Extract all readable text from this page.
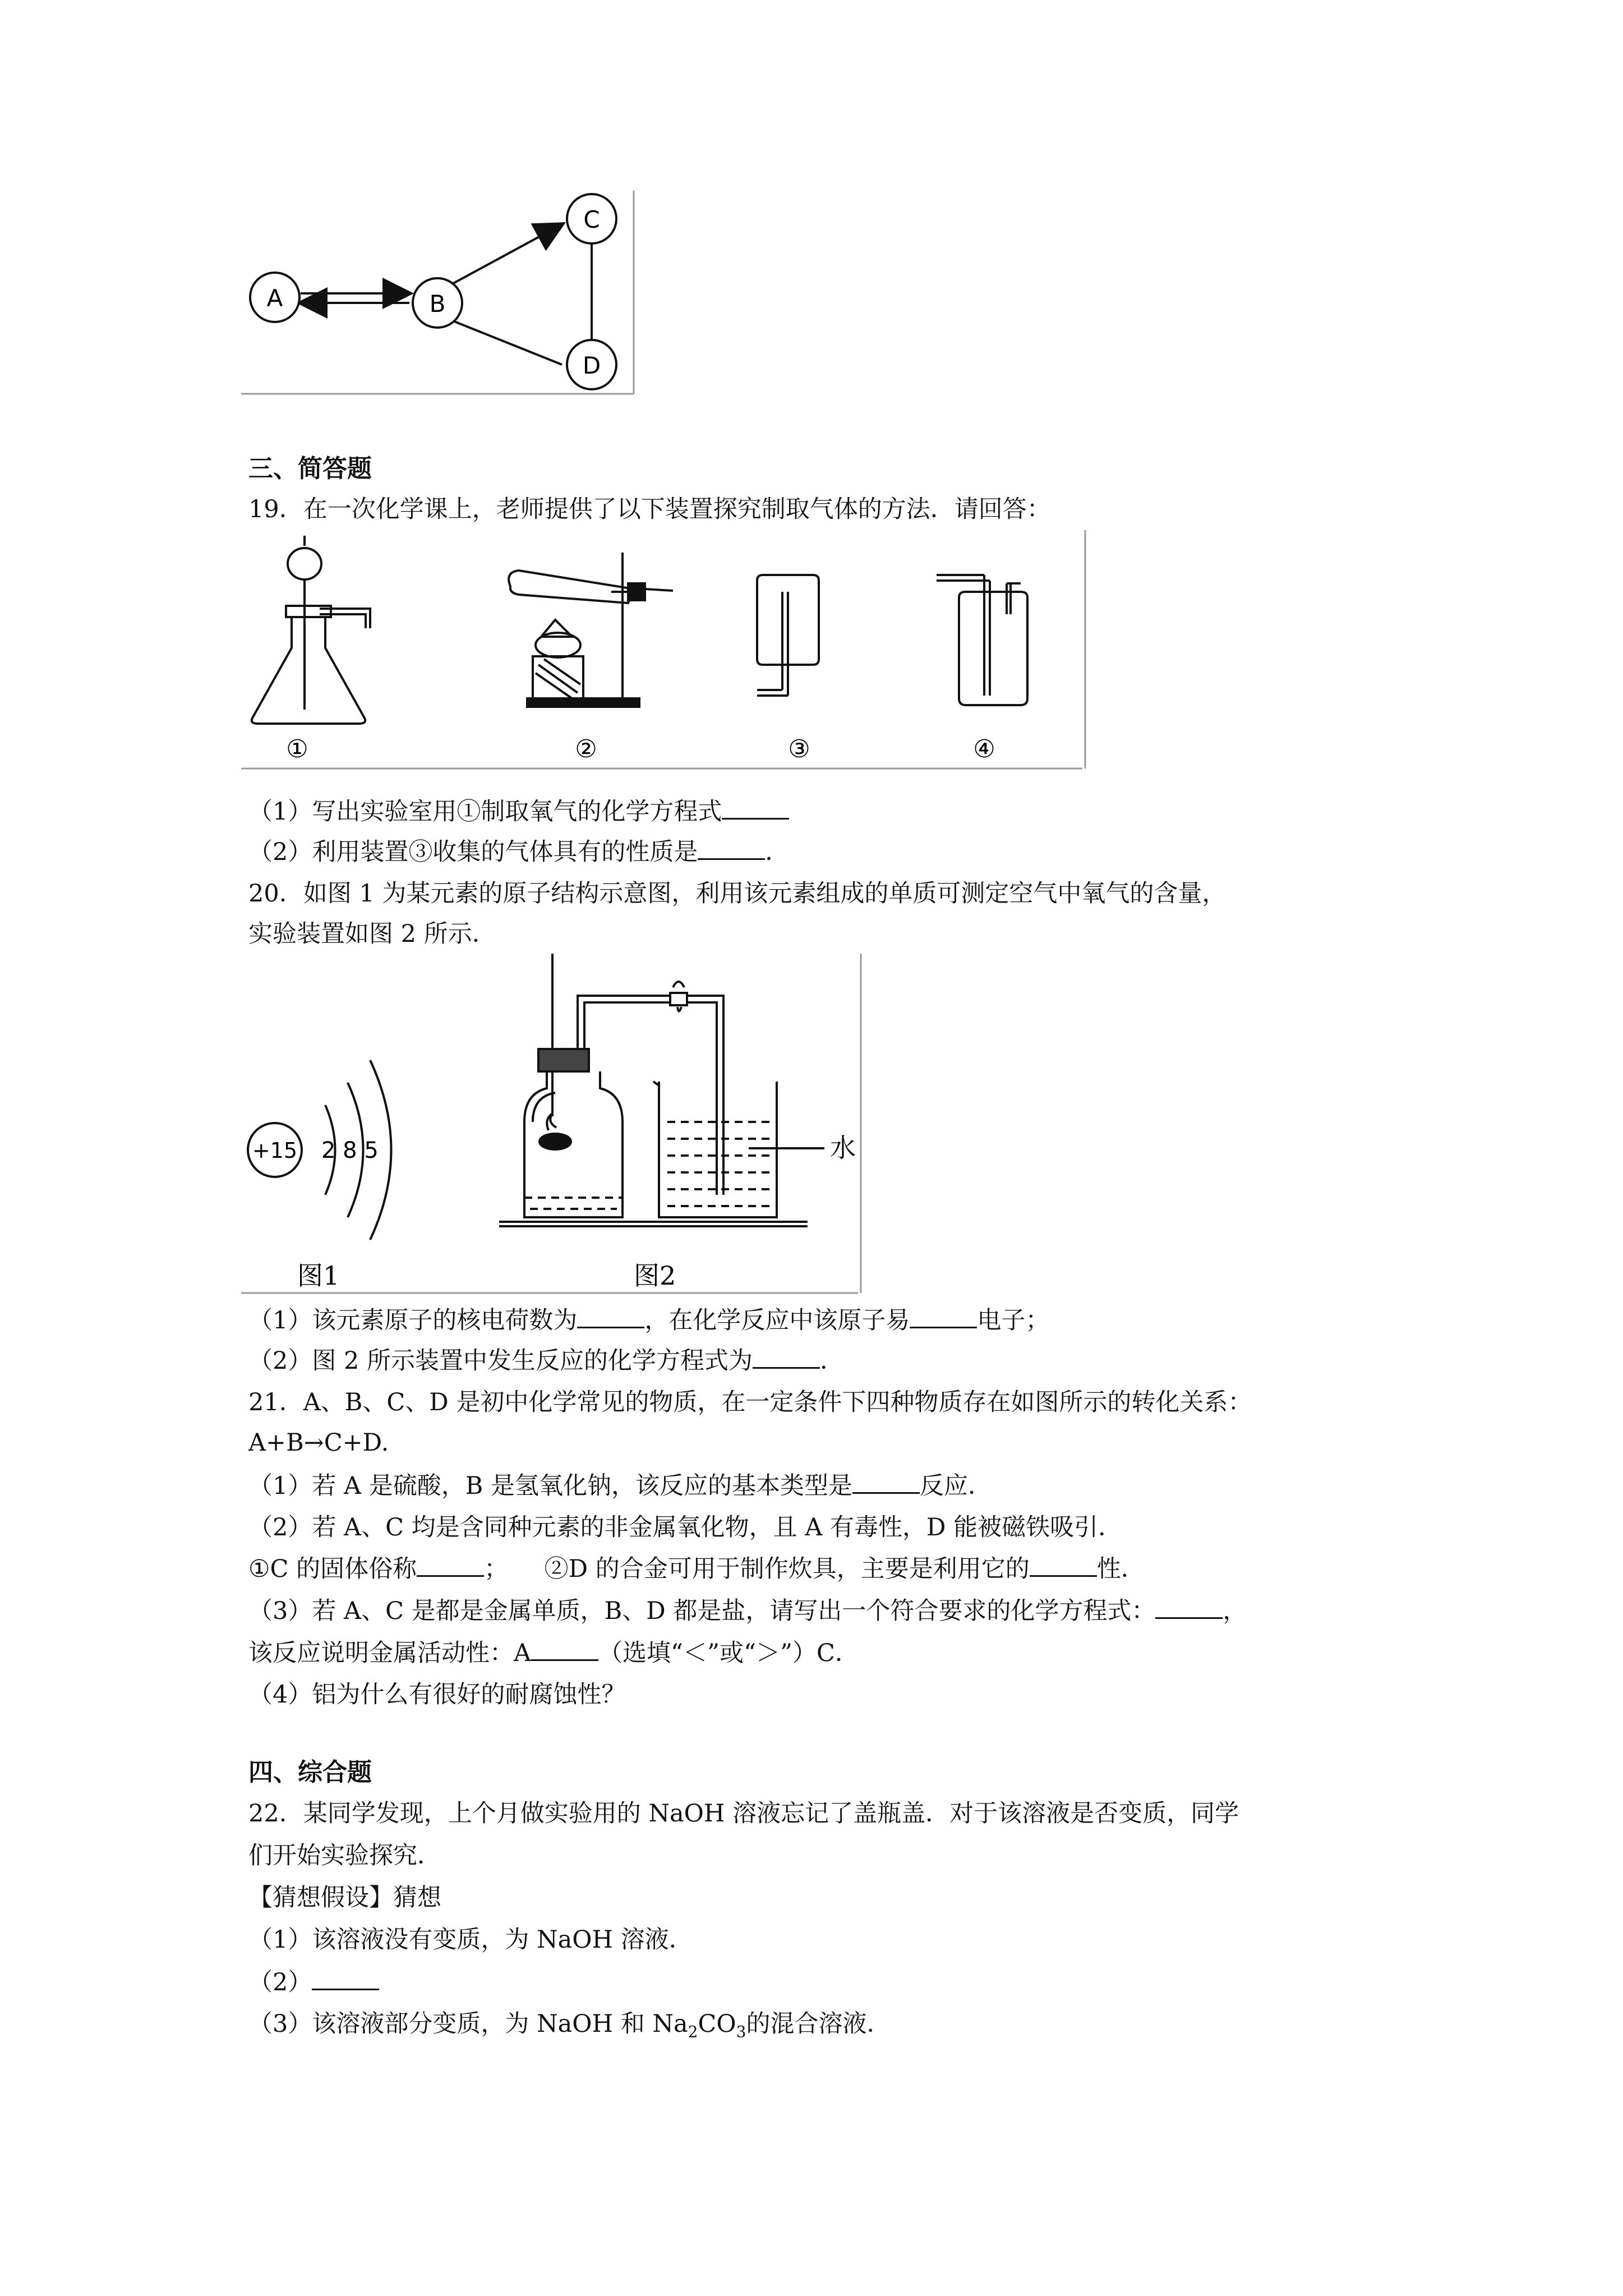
A	B
C
D
三、简答题
19．在一次化学课上，老师提供了以下装置探究制取气体的方法．请回答：
①	②	③	④
（1）写出实验室用①制取氧气的化学方程式
（2）利用装置③收集的气体具有的性质是	．
20．如图 1 为某元素的原子结构示意图，利用该元素组成的单质可测定空气中氧气的含量，
实验装置如图 2 所示．
+15 2 8 5
图1
水
图2
（1）该元素原子的核电荷数为	，在化学反应中该原子易	电子；
（2）图 2 所示装置中发生反应的化学方程式为	．
21．A、B、C、D 是初中化学常见的物质，在一定条件下四种物质存在如图所示的转化关系：
A+B→C+D.
（1）若 A 是硫酸，B 是氢氧化钠，该反应的基本类型是	反应．
（2）若 A、C 均是含同种元素的非金属氧化物，且 A 有毒性，D 能被磁铁吸引．
①C 的固体俗称	；　　②D 的合金可用于制作炊具，主要是利用它的	性．
（3）若 A、C 是都是金属单质，B、D 都是盐，请写出一个符合要求的化学方程式：	，
该反应说明金属活动性：A	（选填“＜”或“＞”）C．
（4）铝为什么有很好的耐腐蚀性？
四、综合题
22．某同学发现，上个月做实验用的 NaOH 溶液忘记了盖瓶盖．对于该溶液是否变质，同学
们开始实验探究．
【猜想假设】猜想
（1）该溶液没有变质，为 NaOH 溶液．
（2）
（3）该溶液部分变质，为 NaOH 和 $Na_2CO_3$的混合溶液．
